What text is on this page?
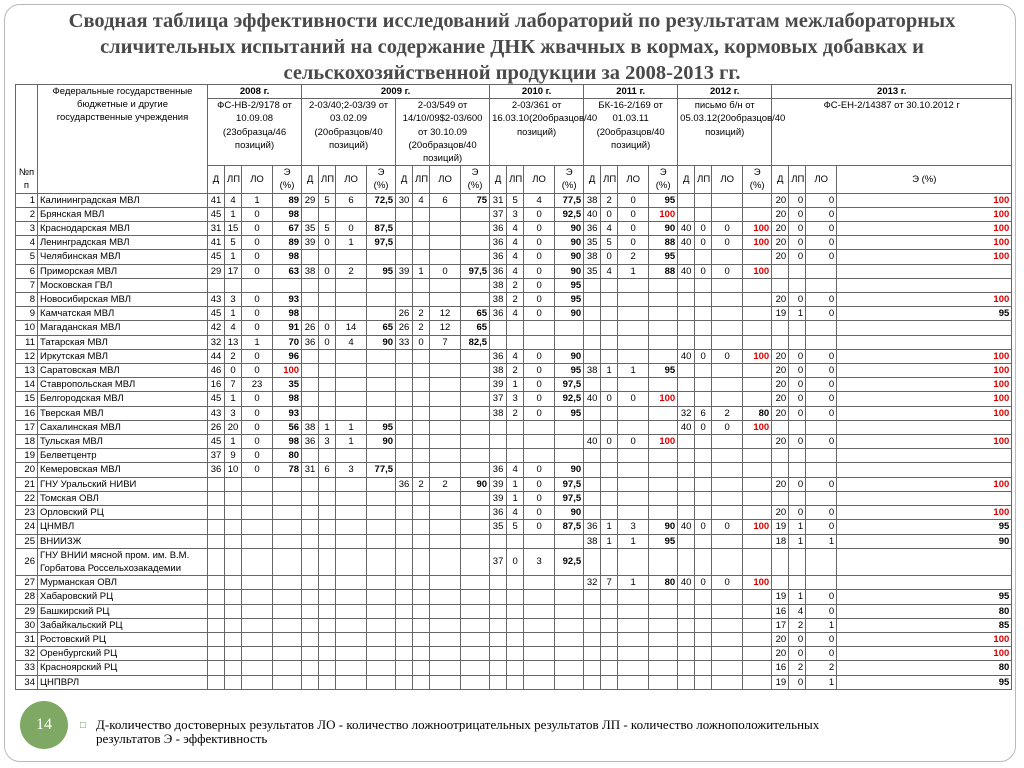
Сводная таблица эффективности исследований лабораторий по результатам межлабораторных сличительных испытаний на содержание ДНК жвачных в кормах, кормовых добавках и сельскохозяйственной продукции за 2008-2013 гг.
№п п	Федеральные государственные бюджетные и другие государственные учреждения	2008 г.				2009 г.								2010 г.				2011 г.				2012 г.				2013 г.			
		ФС-НВ-2/9178 от 10.09.08 (23образца/46 позиций)				2-03/40;2-03/39 от 03.02.09 (20образцов/40 позиций)				2-03/549 от 14/10/09$2-03/600 от 30.10.09 (20образцов/40 позиций)				2-03/361 от 16.03.10(20образцов/40 позиций)				БК-16-2/169 от 01.03.11 (20образцов/40 позиций)				письмо б/н от 05.03.12(20образцов/40 позиций)				ФС-ЕН-2/14387 от 30.10.2012 г			
		Д	ЛП	ЛО	Э (%)	Д	ЛП	ЛО	Э (%)	Д	ЛП	ЛО	Э (%)	Д	ЛП	ЛО	Э (%)	Д	ЛП	ЛО	Э (%)	Д	ЛП	ЛО	Э (%)	Д	ЛП	ЛО	Э (%)
1	Калининградская МВЛ	41	4	1	89	29	5	6	72,5	30	4	6	75	31	5	4	77,5	38	2	0	95					20	0	0	100
2	Брянская МВЛ	45	1	0	98									37	3	0	92,5	40	0	0	100					20	0	0	100
3	Краснодарская МВЛ	31	15	0	67	35	5	0	87,5					36	4	0	90	36	4	0	90	40	0	0	100	20	0	0	100
4	Ленинградская МВЛ	41	5	0	89	39	0	1	97,5					36	4	0	90	35	5	0	88	40	0	0	100	20	0	0	100
5	Челябинская МВЛ	45	1	0	98									36	4	0	90	38	0	2	95					20	0	0	100
6	Приморская МВЛ	29	17	0	63	38	0	2	95	39	1	0	97,5	36	4	0	90	35	4	1	88	40	0	0	100				
7	Московская ГВЛ													38	2	0	95												
8	Новосибирская МВЛ	43	3	0	93									38	2	0	95									20	0	0	100
9	Камчатская МВЛ	45	1	0	98					26	2	12	65	36	4	0	90									19	1	0	95
10	Магаданская МВЛ	42	4	0	91	26	0	14	65	26	2	12	65																
11	Татарская МВЛ	32	13	1	70	36	0	4	90	33	0	7	82,5																
12	Иркутская МВЛ	44	2	0	96									36	4	0	90					40	0	0	100	20	0	0	100
13	Саратовская МВЛ	46	0	0	100									38	2	0	95	38	1	1	95					20	0	0	100
14	Ставропольская МВЛ	16	7	23	35									39	1	0	97,5									20	0	0	100
15	Белгородская МВЛ	45	1	0	98									37	3	0	92,5	40	0	0	100					20	0	0	100
16	Тверская МВЛ	43	3	0	93									38	2	0	95					32	6	2	80	20	0	0	100
17	Сахалинская МВЛ	26	20	0	56	38	1	1	95													40	0	0	100				
18	Тульская МВЛ	45	1	0	98	36	3	1	90									40	0	0	100					20	0	0	100
19	Белветцентр	37	9	0	80																								
20	Кемеровская МВЛ	36	10	0	78	31	6	3	77,5					36	4	0	90												
21	ГНУ Уральский НИВИ									36	2	2	90	39	1	0	97,5									20	0	0	100
22	Томская ОВЛ													39	1	0	97,5												
23	Орловский РЦ													36	4	0	90									20	0	0	100
24	ЦНМВЛ													35	5	0	87,5	36	1	3	90	40	0	0	100	19	1	0	95
25	ВНИИЗЖ																	38	1	1	95					18	1	1	90
26	ГНУ ВНИИ мясной пром. им. В.М. Горбатова Россельхозакадемии													37	0	3	92,5												
27	Мурманская ОВЛ																	32	7	1	80	40	0	0	100				
28	Хабаровский РЦ																									19	1	0	95
29	Башкирский РЦ																									16	4	0	80
30	Забайкальский РЦ																									17	2	1	85
31	Ростовский РЦ																									20	0	0	100
32	Оренбургский РЦ																									20	0	0	100
33	Красноярский РЦ																									16	2	2	80
34	ЦНПВРЛ																									19	0	1	95
14	□ Д-количество достоверных результатов ЛО - количество ложноотрицательных результатов ЛП - количество ложноположительных результатов Э - эффективность
